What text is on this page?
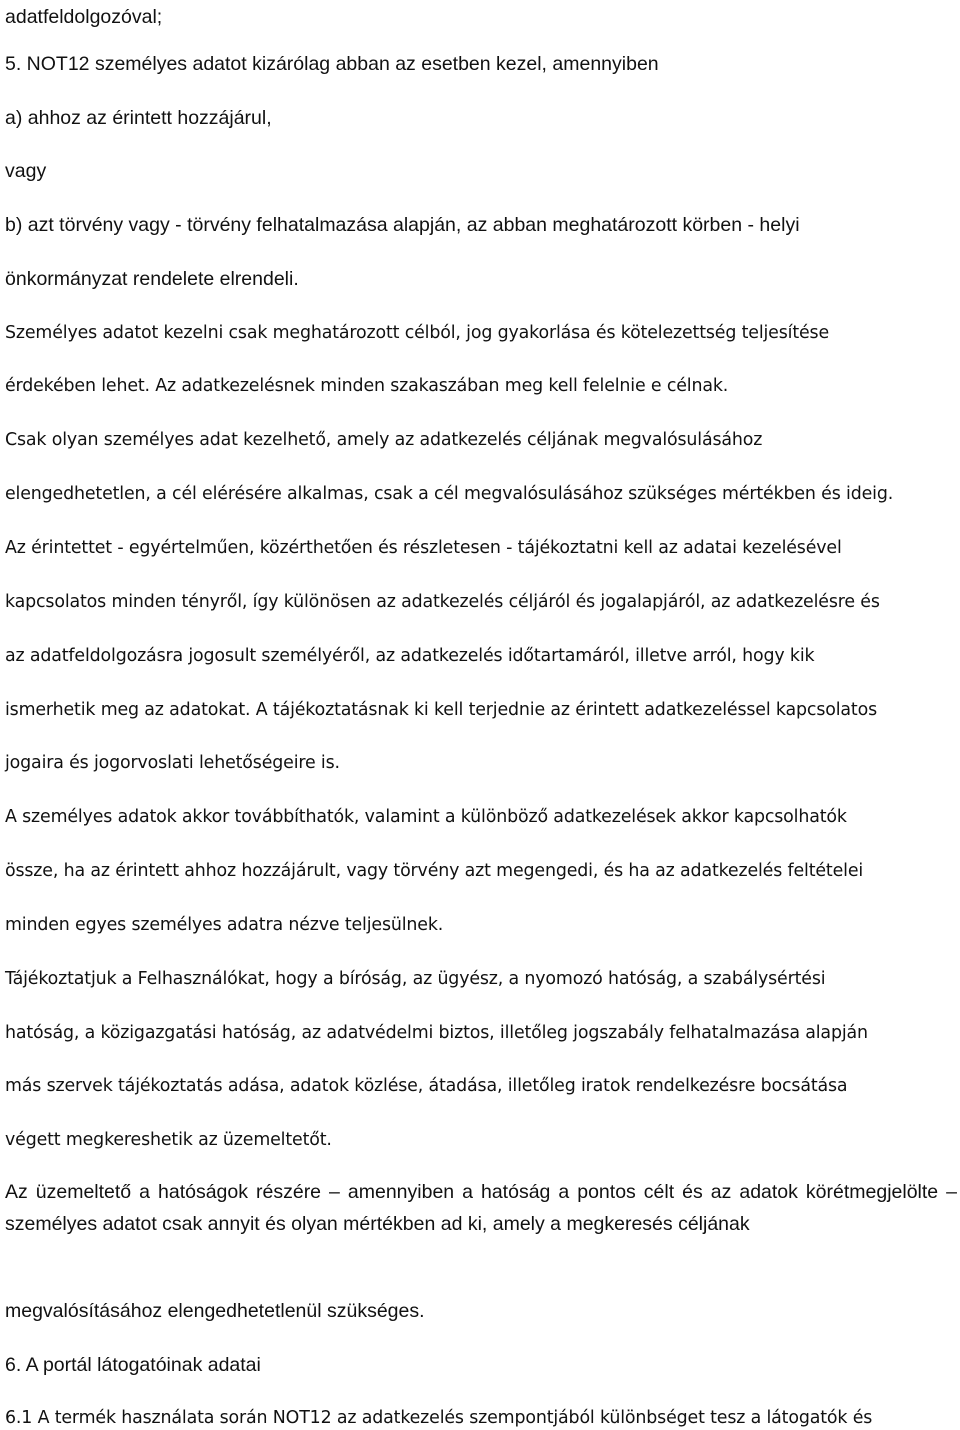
adatfeldolgozóval;
5. NOT12 személyes adatot kizárólag abban az esetben kezel, amennyiben
a) ahhoz az érintett hozzájárul,
vagy
b) azt törvény vagy - törvény felhatalmazása alapján, az abban meghatározott körben - helyi
önkormányzat rendelete elrendeli.
Személyes adatot kezelni csak meghatározott célból, jog gyakorlása és kötelezettség teljesítése
érdekében lehet. Az adatkezelésnek minden szakaszában meg kell felelnie e célnak.
Csak olyan személyes adat kezelhető, amely az adatkezelés céljának megvalósulásához
elengedhetetlen, a cél elérésére alkalmas, csak a cél megvalósulásához szükséges mértékben és ideig.
Az érintettet - egyértelműen, közérthetően és részletesen - tájékoztatni kell az adatai kezelésével
kapcsolatos minden tényről, így különösen az adatkezelés céljáról és jogalapjáról, az adatkezelésre és
az adatfeldolgozásra jogosult személyéről, az adatkezelés időtartamáról, illetve arról, hogy kik
ismerhetik meg az adatokat. A tájékoztatásnak ki kell terjednie az érintett adatkezeléssel kapcsolatos
jogaira és jogorvoslati lehetőségeire is.
A személyes adatok akkor továbbíthatók, valamint a különböző adatkezelések akkor kapcsolhatók
össze, ha az érintett ahhoz hozzájárult, vagy törvény azt megengedi, és ha az adatkezelés feltételei
minden egyes személyes adatra nézve teljesülnek.
Tájékoztatjuk a Felhasználókat, hogy a bíróság, az ügyész, a nyomozó hatóság, a szabálysértési
hatóság, a közigazgatási hatóság, az adatvédelmi biztos, illetőleg jogszabály felhatalmazása alapján
más szervek tájékoztatás adása, adatok közlése, átadása, illetőleg iratok rendelkezésre bocsátása
végett megkereshetik az üzemeltetőt.
Az üzemeltető a hatóságok részére – amennyiben a hatóság a pontos célt és az adatok körétmegjelölte – személyes adatot csak annyit és olyan mértékben ad ki, amely a megkeresés céljának
megvalósításához elengedhetetlenül szükséges.
6. A portál látogatóinak adatai
6.1 A termék használata során NOT12 az adatkezelés szempontjából különbséget tesz a látogatók és
